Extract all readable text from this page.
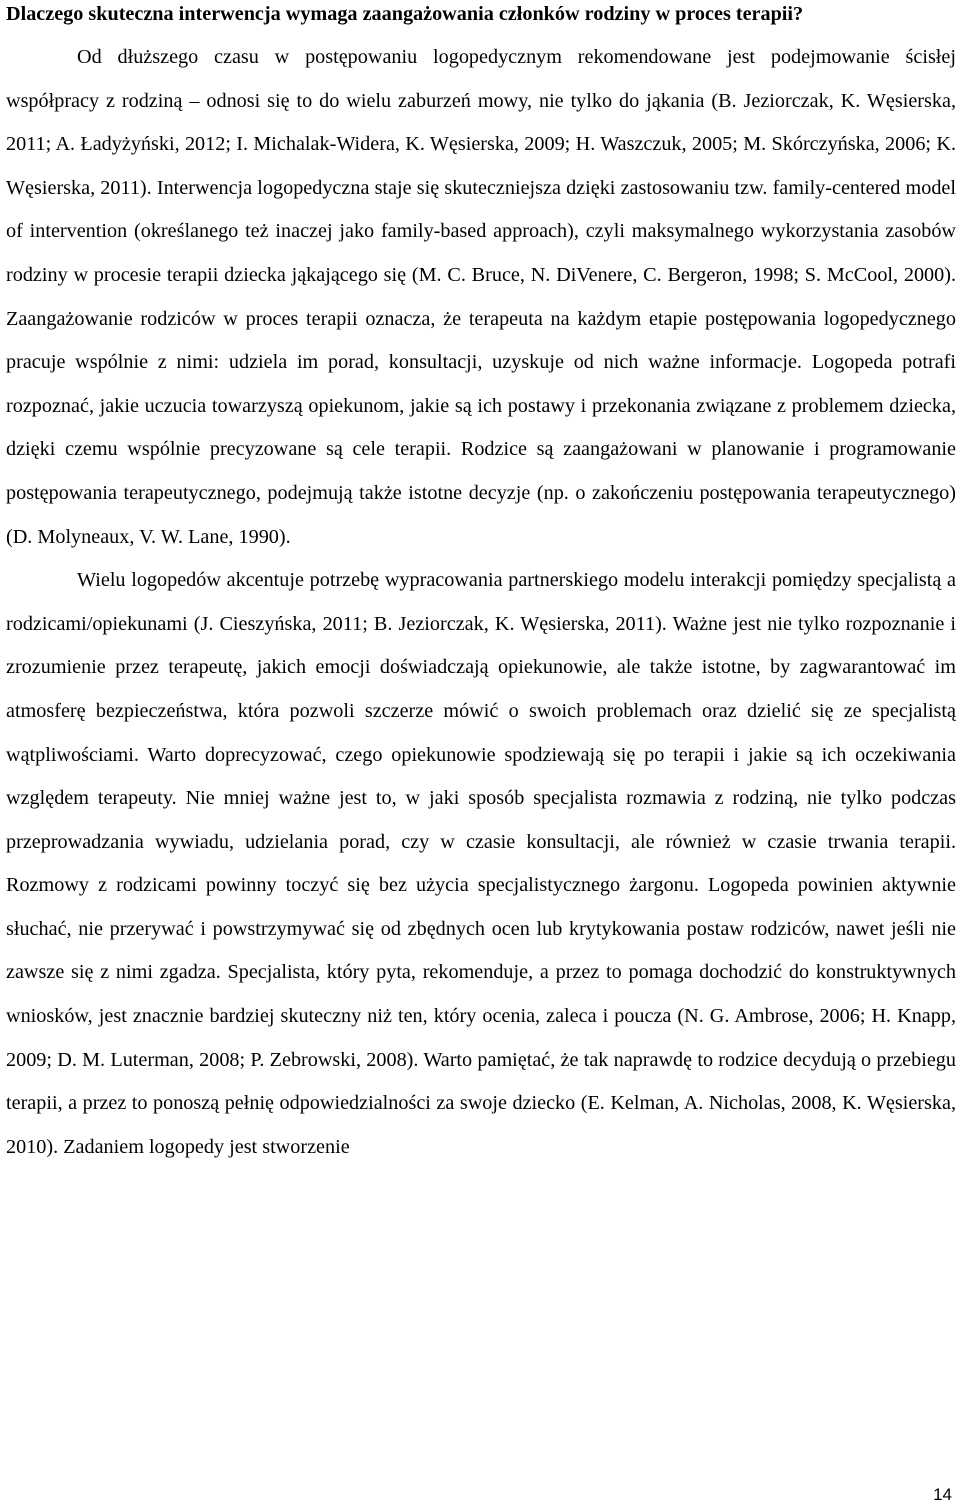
Dlaczego skuteczna interwencja wymaga zaangażowania członków rodziny w proces terapii?

Od dłuższego czasu w postępowaniu logopedycznym rekomendowane jest podejmowanie ścisłej współpracy z rodziną – odnosi się to do wielu zaburzeń mowy, nie tylko do jąkania (B. Jeziorczak, K. Węsierska, 2011; A. Ładyżyński, 2012; I. Michalak-Widera, K. Węsierska, 2009; H. Waszczuk, 2005; M. Skórczyńska, 2006; K. Węsierska, 2011). Interwencja logopedyczna staje się skuteczniejsza dzięki zastosowaniu tzw. family-centered model of intervention (określanego też inaczej jako family-based approach), czyli maksymalnego wykorzystania zasobów rodziny w procesie terapii dziecka jąkającego się (M. C. Bruce, N. DiVenere, C. Bergeron, 1998; S. McCool, 2000). Zaangażowanie rodziców w proces terapii oznacza, że terapeuta na każdym etapie postępowania logopedycznego pracuje wspólnie z nimi: udziela im porad, konsultacji, uzyskuje od nich ważne informacje. Logopeda potrafi rozpoznać, jakie uczucia towarzyszą opiekunom, jakie są ich postawy i przekonania związane z problemem dziecka, dzięki czemu wspólnie precyzowane są cele terapii. Rodzice są zaangażowani w planowanie i programowanie postępowania terapeutycznego, podejmują także istotne decyzje (np. o zakończeniu postępowania terapeutycznego) (D. Molyneaux, V. W. Lane, 1990).

Wielu logopedów akcentuje potrzebę wypracowania partnerskiego modelu interakcji pomiędzy specjalistą a rodzicami/opiekunami (J. Cieszyńska, 2011; B. Jeziorczak, K. Węsierska, 2011). Ważne jest nie tylko rozpoznanie i zrozumienie przez terapeutę, jakich emocji doświadczają opiekunowie, ale także istotne, by zagwarantować im atmosferę bezpieczeństwa, która pozwoli szczerze mówić o swoich problemach oraz dzielić się ze specjalistą wątpliwościami. Warto doprecyzować, czego opiekunowie spodziewają się po terapii i jakie są ich oczekiwania względem terapeuty. Nie mniej ważne jest to, w jaki sposób specjalista rozmawia z rodziną, nie tylko podczas przeprowadzania wywiadu, udzielania porad, czy w czasie konsultacji, ale również w czasie trwania terapii. Rozmowy z rodzicami powinny toczyć się bez użycia specjalistycznego żargonu. Logopeda powinien aktywnie słuchać, nie przerywać i powstrzymywać się od zbędnych ocen lub krytykowania postaw rodziców, nawet jeśli nie zawsze się z nimi zgadza. Specjalista, który pyta, rekomenduje, a przez to pomaga dochodzić do konstruktywnych wniosków, jest znacznie bardziej skuteczny niż ten, który ocenia, zaleca i poucza (N. G. Ambrose, 2006; H. Knapp, 2009; D. M. Luterman, 2008; P. Zebrowski, 2008). Warto pamiętać, że tak naprawdę to rodzice decydują o przebiegu terapii, a przez to ponoszą pełnię odpowiedzialności za swoje dziecko (E. Kelman, A. Nicholas, 2008, K. Węsierska, 2010). Zadaniem logopedy jest stworzenie

14
